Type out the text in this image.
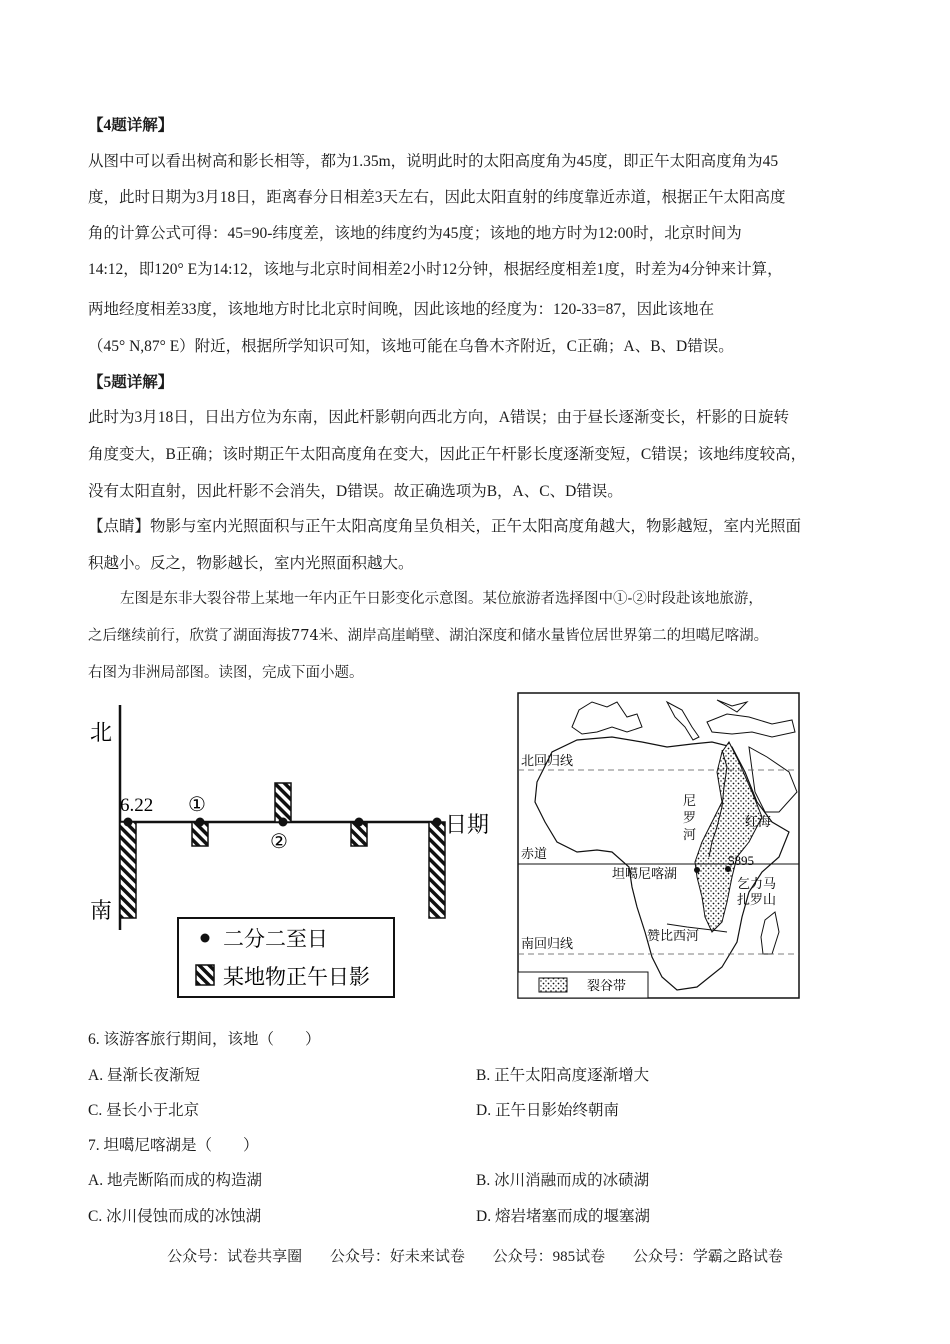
【4题详解】
从图中可以看出树高和影长相等，都为1.35m，说明此时的太阳高度角为45度，即正午太阳高度角为45
度，此时日期为3月18日，距离春分日相差3天左右，因此太阳直射的纬度靠近赤道，根据正午太阳高度
角的计算公式可得：45=90-纬度差，该地的纬度约为45度；该地的地方时为12:00时，北京时间为
14:12，即120° E为14:12，该地与北京时间相差2小时12分钟，根据经度相差1度，时差为4分钟来计算，
两地经度相差33度，该地地方时比北京时间晚，因此该地的经度为：120-33=87，因此该地在
（45° N,87° E）附近，根据所学知识可知，该地可能在乌鲁木齐附近，C正确；A、B、D错误。
【5题详解】
此时为3月18日，日出方位为东南，因此杆影朝向西北方向，A错误；由于昼长逐渐变长，杆影的日旋转
角度变大，B正确；该时期正午太阳高度角在变大，因此正午杆影长度逐渐变短，C错误；该地纬度较高，
没有太阳直射，因此杆影不会消失，D错误。故正确选项为B，A、C、D错误。
【点睛】物影与室内光照面积与正午太阳高度角呈负相关，正午太阳高度角越大，物影越短，室内光照面
积越小。反之，物影越长，室内光照面积越大。
左图是东非大裂谷带上某地一年内正午日影变化示意图。某位旅游者选择图中①-②时段赴该地旅游，
之后继续前行，欣赏了湖面海拔774米、湖岸高崖峭壁、湖泊深度和储水量皆位居世界第二的坦噶尼喀湖。
右图为非洲局部图。读图，完成下面小题。
北
南
6.22 ①
②
日期
二分二至日
某地物正午日影
北回归线
赤道
南回归线
尼
罗
河
红海
坦噶尼喀湖
5895
乞力马
扎罗山
赞比西河
裂谷带
6. 该游客旅行期间，该地（　　）
A. 昼渐长夜渐短	B. 正午太阳高度逐渐增大
C. 昼长小于北京	D. 正午日影始终朝南
7. 坦噶尼喀湖是（　　）
A. 地壳断陷而成的构造湖	B. 冰川消融而成的冰碛湖
C. 冰川侵蚀而成的冰蚀湖	D. 熔岩堵塞而成的堰塞湖
公众号：试卷共享圈 公众号：好未来试卷 公众号：985试卷 公众号：学霸之路试卷
